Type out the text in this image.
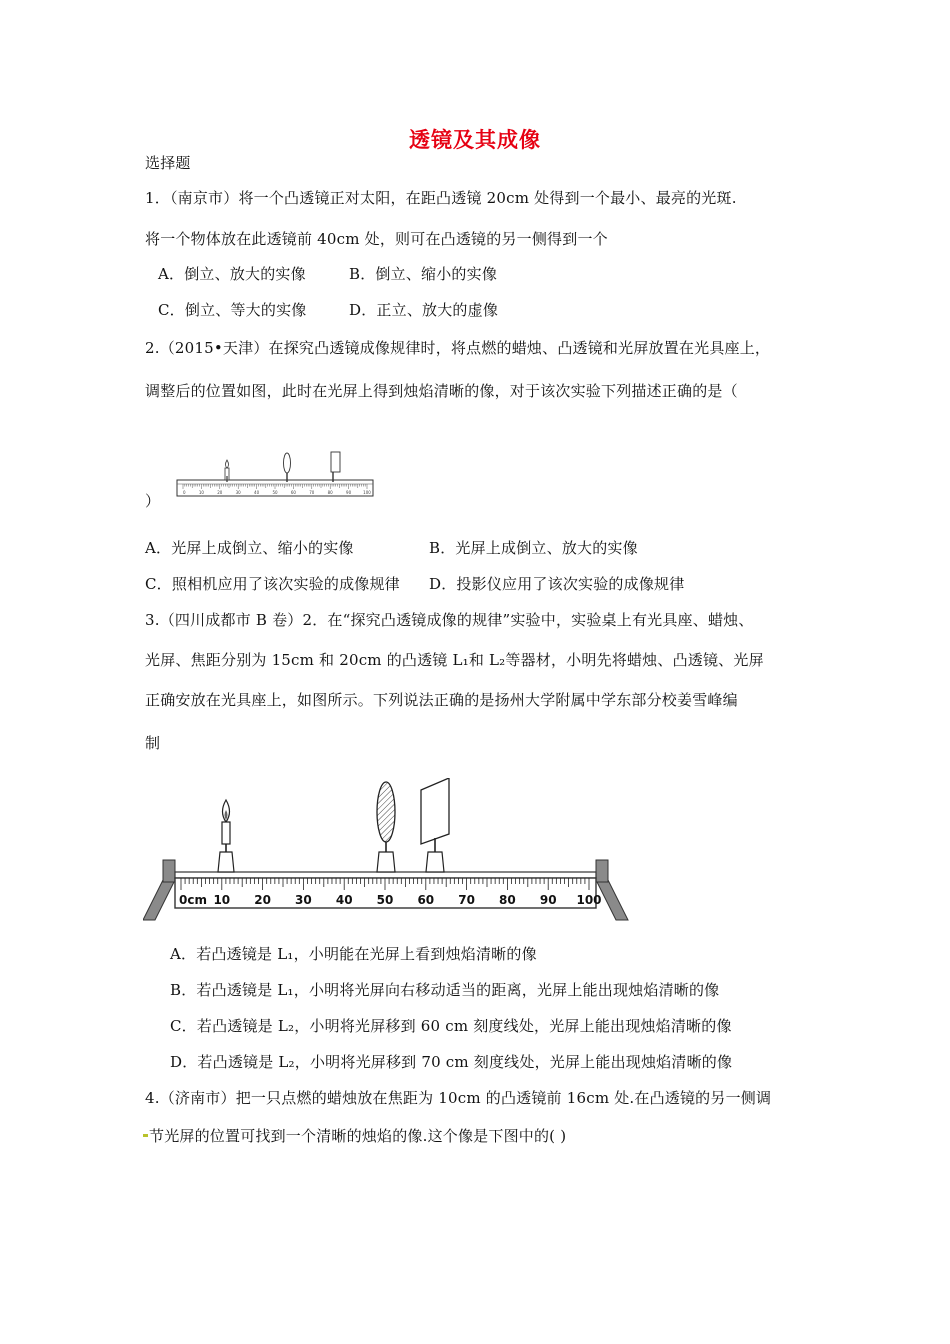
透镜及其成像
选择题
1．（南京市）将一个凸透镜正对太阳，在距凸透镜 20cm 处得到一个最小、最亮的光斑.
将一个物体放在此透镜前 40cm 处，则可在凸透镜的另一侧得到一个
A．倒立、放大的实像	B．倒立、缩小的实像
C．倒立、等大的实像	D．正立、放大的虚像
2.（2015•天津）在探究凸透镜成像规律时，将点燃的蜡烛、凸透镜和光屏放置在光具座上，
调整后的位置如图，此时在光屏上得到烛焰清晰的像，对于该次实验下列描述正确的是（
0	10	20	30	40	50	60	70	80	90	100
）
A．光屏上成倒立、缩小的实像	B．光屏上成倒立、放大的实像
C．照相机应用了该次实验的成像规律 D．投影仪应用了该次实验的成像规律
3.（四川成都市 B 卷）2．在“探究凸透镜成像的规律”实验中，实验桌上有光具座、蜡烛、
光屏、焦距分别为 15cm 和 20cm 的凸透镜 L₁和 L₂等器材，小明先将蜡烛、凸透镜、光屏
正确安放在光具座上，如图所示。下列说法正确的是扬州大学附属中学东部分校姜雪峰编
制
0cm 10 20 30 40 50 60 70 80 90 100
A．若凸透镜是 L₁，小明能在光屏上看到烛焰清晰的像
B．若凸透镜是 L₁，小明将光屏向右移动适当的距离，光屏上能出现烛焰清晰的像
C．若凸透镜是 L₂，小明将光屏移到 60 cm 刻度线处，光屏上能出现烛焰清晰的像
D．若凸透镜是 L₂，小明将光屏移到 70 cm 刻度线处，光屏上能出现烛焰清晰的像
4.（济南市）把一只点燃的蜡烛放在焦距为 10cm 的凸透镜前 16cm 处.在凸透镜的另一侧调
节光屏的位置可找到一个清晰的烛焰的像.这个像是下图中的( )
